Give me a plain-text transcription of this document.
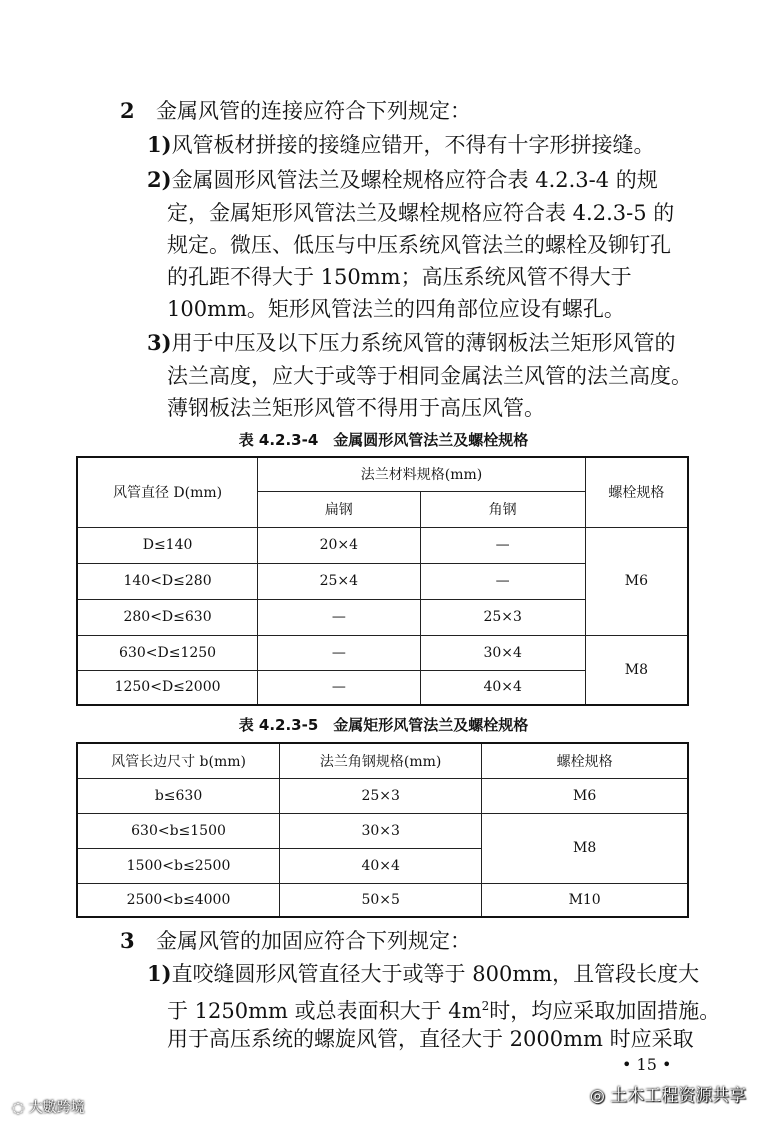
2 金属风管的连接应符合下列规定：
1)风管板材拼接的接缝应错开，不得有十字形拼接缝。
2)金属圆形风管法兰及螺栓规格应符合表 4.2.3-4 的规
定，金属矩形风管法兰及螺栓规格应符合表 4.2.3-5 的
规定。微压、低压与中压系统风管法兰的螺栓及铆钉孔
的孔距不得大于 150mm；高压系统风管不得大于
100mm。矩形风管法兰的四角部位应设有螺孔。
3)用于中压及以下压力系统风管的薄钢板法兰矩形风管的
法兰高度，应大于或等于相同金属法兰风管的法兰高度。
薄钢板法兰矩形风管不得用于高压风管。
表 4.2.3-4　金属圆形风管法兰及螺栓规格
风管直径 D(mm)	法兰材料规格(mm)		螺栓规格
	扁钢	角钢	
D≤140	20×4	—	M6
140<D≤280	25×4	—	
280<D≤630	—	25×3	
630<D≤1250	—	30×4	M8
1250<D≤2000	—	40×4	
表 4.2.3-5　金属矩形风管法兰及螺栓规格
风管长边尺寸 b(mm)	法兰角钢规格(mm)	螺栓规格
b≤630	25×3	M6
630<b≤1500	30×3	M8
1500<b≤2500	40×4	
2500<b≤4000	50×5	M10
3 金属风管的加固应符合下列规定：
1)直咬缝圆形风管直径大于或等于 800mm，且管段长度大
于 1250mm 或总表面积大于 $4m^2$时，均应采取加固措施。
用于高压系统的螺旋风管，直径大于 2000mm 时应采取
• 15 •
◎ 土木工程资源共享
◌ 大數跨境
